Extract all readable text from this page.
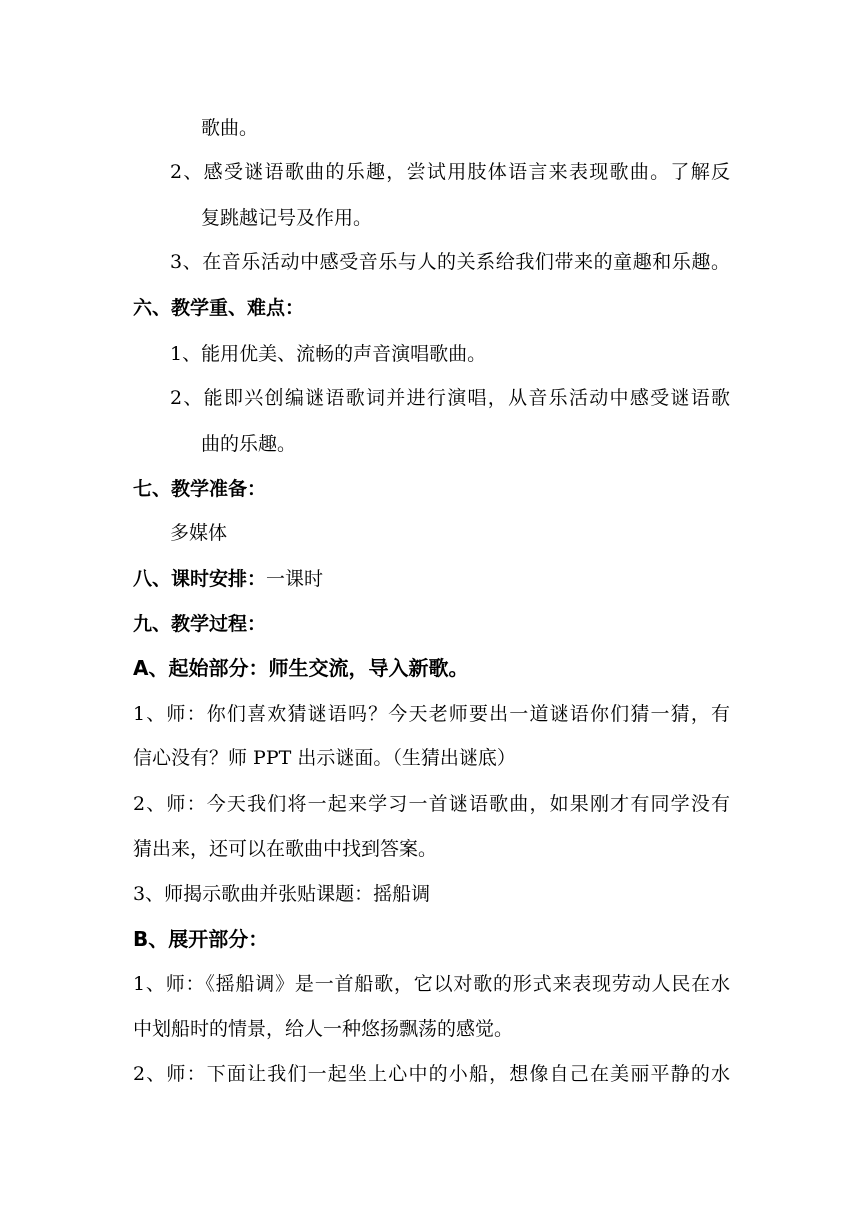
歌曲。
2、感受谜语歌曲的乐趣，尝试用肢体语言来表现歌曲。了解反
复跳越记号及作用。
3、在音乐活动中感受音乐与人的关系给我们带来的童趣和乐趣。
六、教学重、难点：
1、能用优美、流畅的声音演唱歌曲。
2、能即兴创编谜语歌词并进行演唱，从音乐活动中感受谜语歌
曲的乐趣。
七、教学准备：
多媒体
八、课时安排：一课时
九、教学过程：
A、起始部分：师生交流，导入新歌。
1、师：你们喜欢猜谜语吗？今天老师要出一道谜语你们猜一猜，有
信心没有？师 PPT 出示谜面。（生猜出谜底）
2、师：今天我们将一起来学习一首谜语歌曲，如果刚才有同学没有
猜出来，还可以在歌曲中找到答案。
3、师揭示歌曲并张贴课题：摇船调
B、展开部分：
1、师：《摇船调》是一首船歌，它以对歌的形式来表现劳动人民在水
中划船时的情景，给人一种悠扬飘荡的感觉。
2、师：下面让我们一起坐上心中的小船，想像自己在美丽平静的水
